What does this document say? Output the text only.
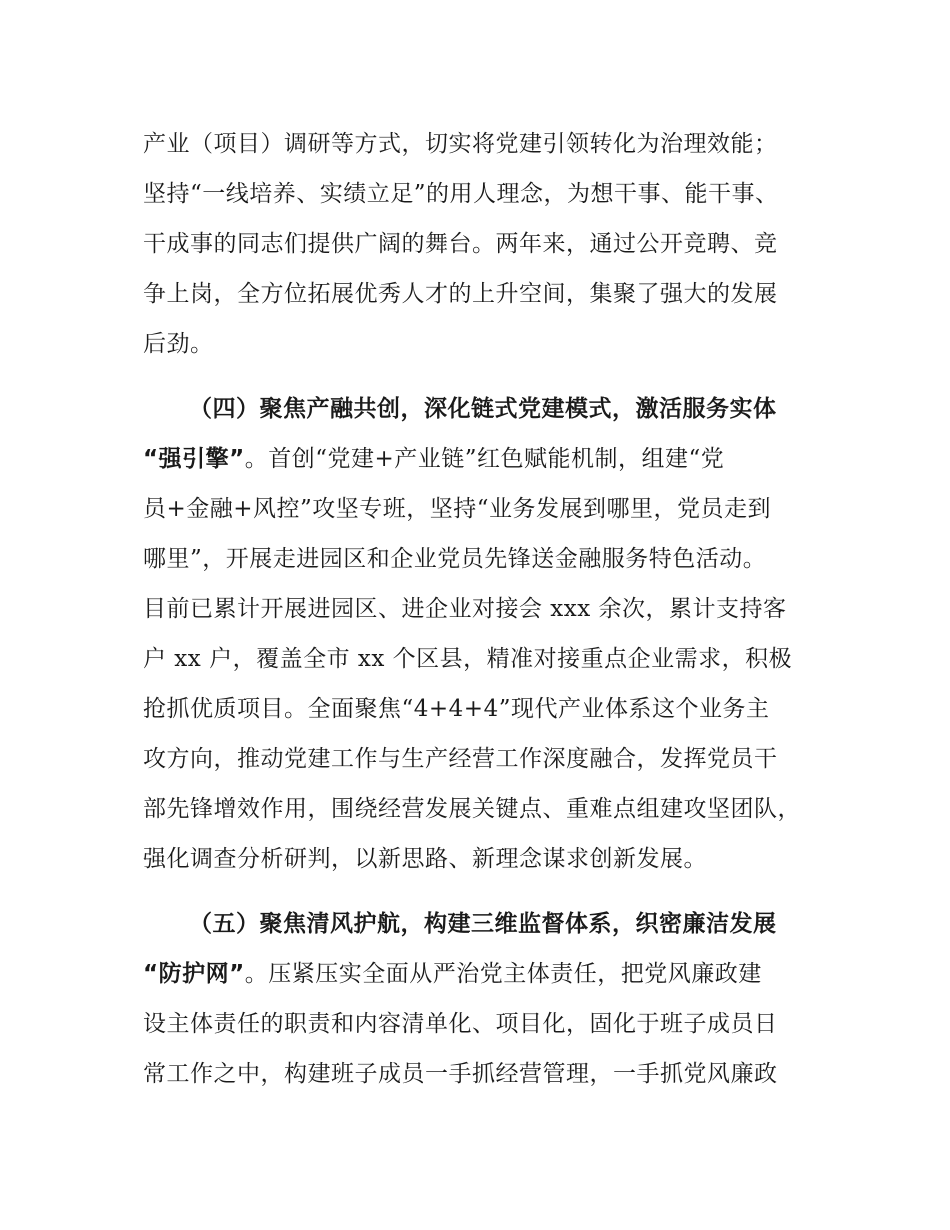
产业（项目）调研等方式，切实将党建引领转化为治理效能；
坚持“一线培养、实绩立足”的用人理念，为想干事、能干事、
干成事的同志们提供广阔的舞台。两年来，通过公开竞聘、竞
争上岗，全方位拓展优秀人才的上升空间，集聚了强大的发展
后劲。
（四）聚焦产融共创，深化链式党建模式，激活服务实体
“强引擎”。首创“党建+产业链”红色赋能机制，组建“党
员+金融+风控”攻坚专班，坚持“业务发展到哪里，党员走到
哪里”，开展走进园区和企业党员先锋送金融服务特色活动。
目前已累计开展进园区、进企业对接会 xxx 余次，累计支持客
户 xx 户，覆盖全市 xx 个区县，精准对接重点企业需求，积极
抢抓优质项目。全面聚焦“4+4+4”现代产业体系这个业务主
攻方向，推动党建工作与生产经营工作深度融合，发挥党员干
部先锋增效作用，围绕经营发展关键点、重难点组建攻坚团队，
强化调查分析研判，以新思路、新理念谋求创新发展。
（五）聚焦清风护航，构建三维监督体系，织密廉洁发展
“防护网”。压紧压实全面从严治党主体责任，把党风廉政建
设主体责任的职责和内容清单化、项目化，固化于班子成员日
常工作之中，构建班子成员一手抓经营管理，一手抓党风廉政
